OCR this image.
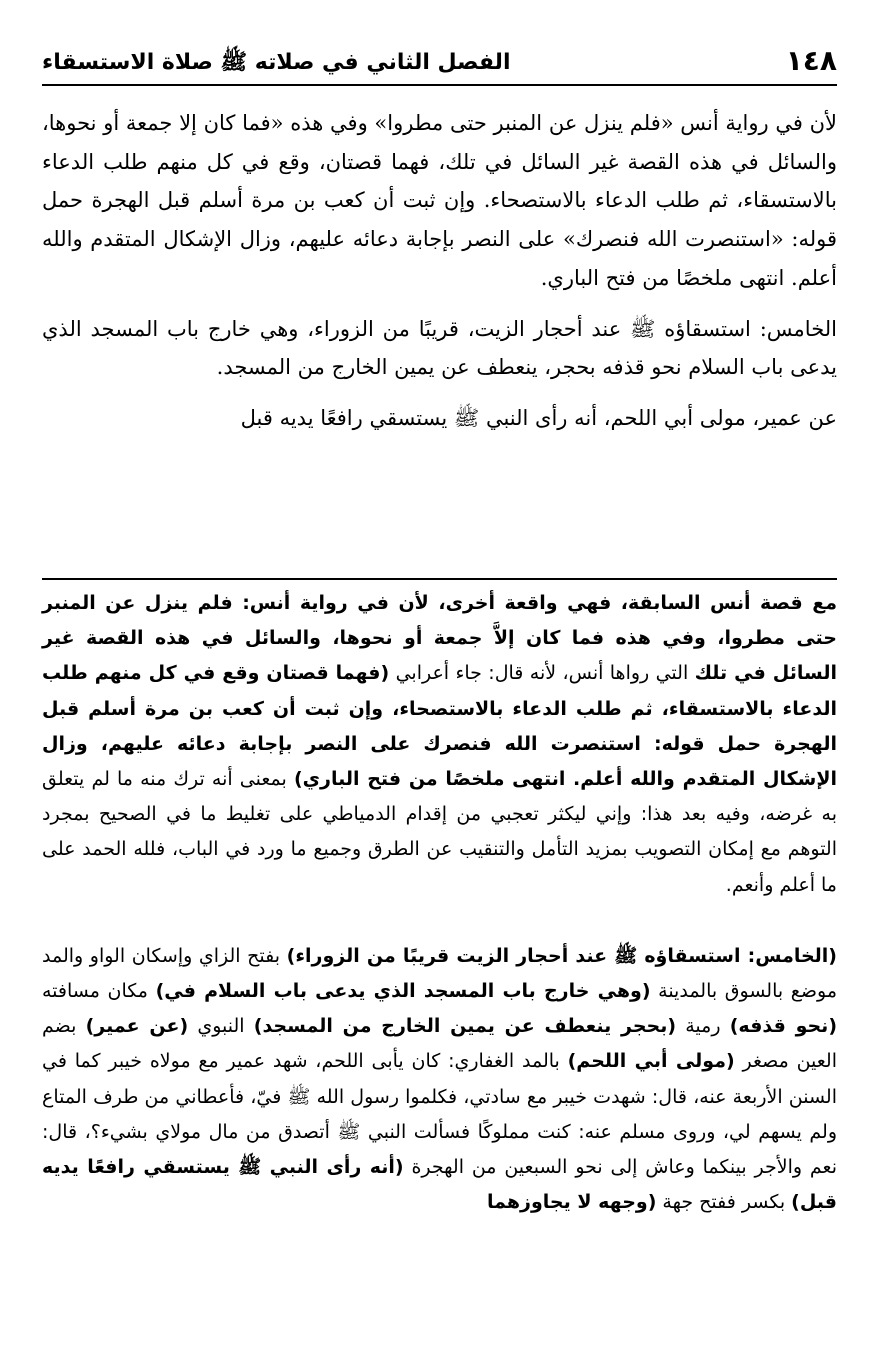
١٤٨
الفصل الثاني في صلاته ﷺ صلاة الاستسقاء

لأن في رواية أنس «فلم ينزل عن المنبر حتى مطروا» وفي هذه «فما كان إلا جمعة أو نحوها، والسائل في هذه القصة غير السائل في تلك، فهما قصتان، وقع في كل منهم طلب الدعاء بالاستسقاء، ثم طلب الدعاء بالاستصحاء. وإن ثبت أن كعب بن مرة أسلم قبل الهجرة حمل قوله: «استنصرت الله فنصرك» على النصر بإجابة دعائه عليهم، وزال الإشكال المتقدم والله أعلم. انتهى ملخصًا من فتح الباري.

الخامس: استسقاؤه ﷺ عند أحجار الزيت، قريبًا من الزوراء، وهي خارج باب المسجد الذي يدعى باب السلام نحو قذفه بحجر، ينعطف عن يمين الخارج من المسجد.

عن عمير، مولى أبي اللحم، أنه رأى النبي ﷺ يستسقي رافعًا يديه قبل

مع قصة أنس السابقة، فهي واقعة أخرى، لأن في رواية أنس: فلم ينزل عن المنبر حتى مطروا، وفي هذه فما كان إلاَّ جمعة أو نحوها، والسائل في هذه القصة غير السائل في تلك التي رواها أنس، لأنه قال: جاء أعرابي (فهما قصتان وقع في كل منهم طلب الدعاء بالاستسقاء، ثم طلب الدعاء بالاستصحاء، وإن ثبت أن كعب بن مرة أسلم قبل الهجرة حمل قوله: استنصرت الله فنصرك على النصر بإجابة دعائه عليهم، وزال الإشكال المتقدم والله أعلم. انتهى ملخصًا من فتح الباري) بمعنى أنه ترك منه ما لم يتعلق به غرضه، وفيه بعد هذا: وإني ليكثر تعجبي من إقدام الدمياطي على تغليط ما في الصحيح بمجرد التوهم مع إمكان التصويب بمزيد التأمل والتنقيب عن الطرق وجميع ما ورد في الباب، فلله الحمد على ما أعلم وأنعم.

(الخامس: استسقاؤه ﷺ عند أحجار الزيت قريبًا من الزوراء) بفتح الزاي وإسكان الواو والمد موضع بالسوق بالمدينة (وهي خارج باب المسجد الذي يدعى باب السلام في) مكان مسافته (نحو قذفه) رمية (بحجر ينعطف عن يمين الخارج من المسجد) النبوي (عن عمير) بضم العين مصغر (مولى أبي اللحم) بالمد الغفاري: كان يأبى اللحم، شهد عمير مع مولاه خيبر كما في السنن الأربعة عنه، قال: شهدت خيبر مع سادتي، فكلموا رسول الله ﷺ فيّ، فأعطاني من طرف المتاع ولم يسهم لي، وروى مسلم عنه: كنت مملوكًا فسألت النبي ﷺ أتصدق من مال مولاي بشيء؟، قال: نعم والأجر بينكما وعاش إلى نحو السبعين من الهجرة (أنه رأى النبي ﷺ يستسقي رافعًا يديه قبل) بكسر ففتح جهة (وجهه لا يجاوزهما
